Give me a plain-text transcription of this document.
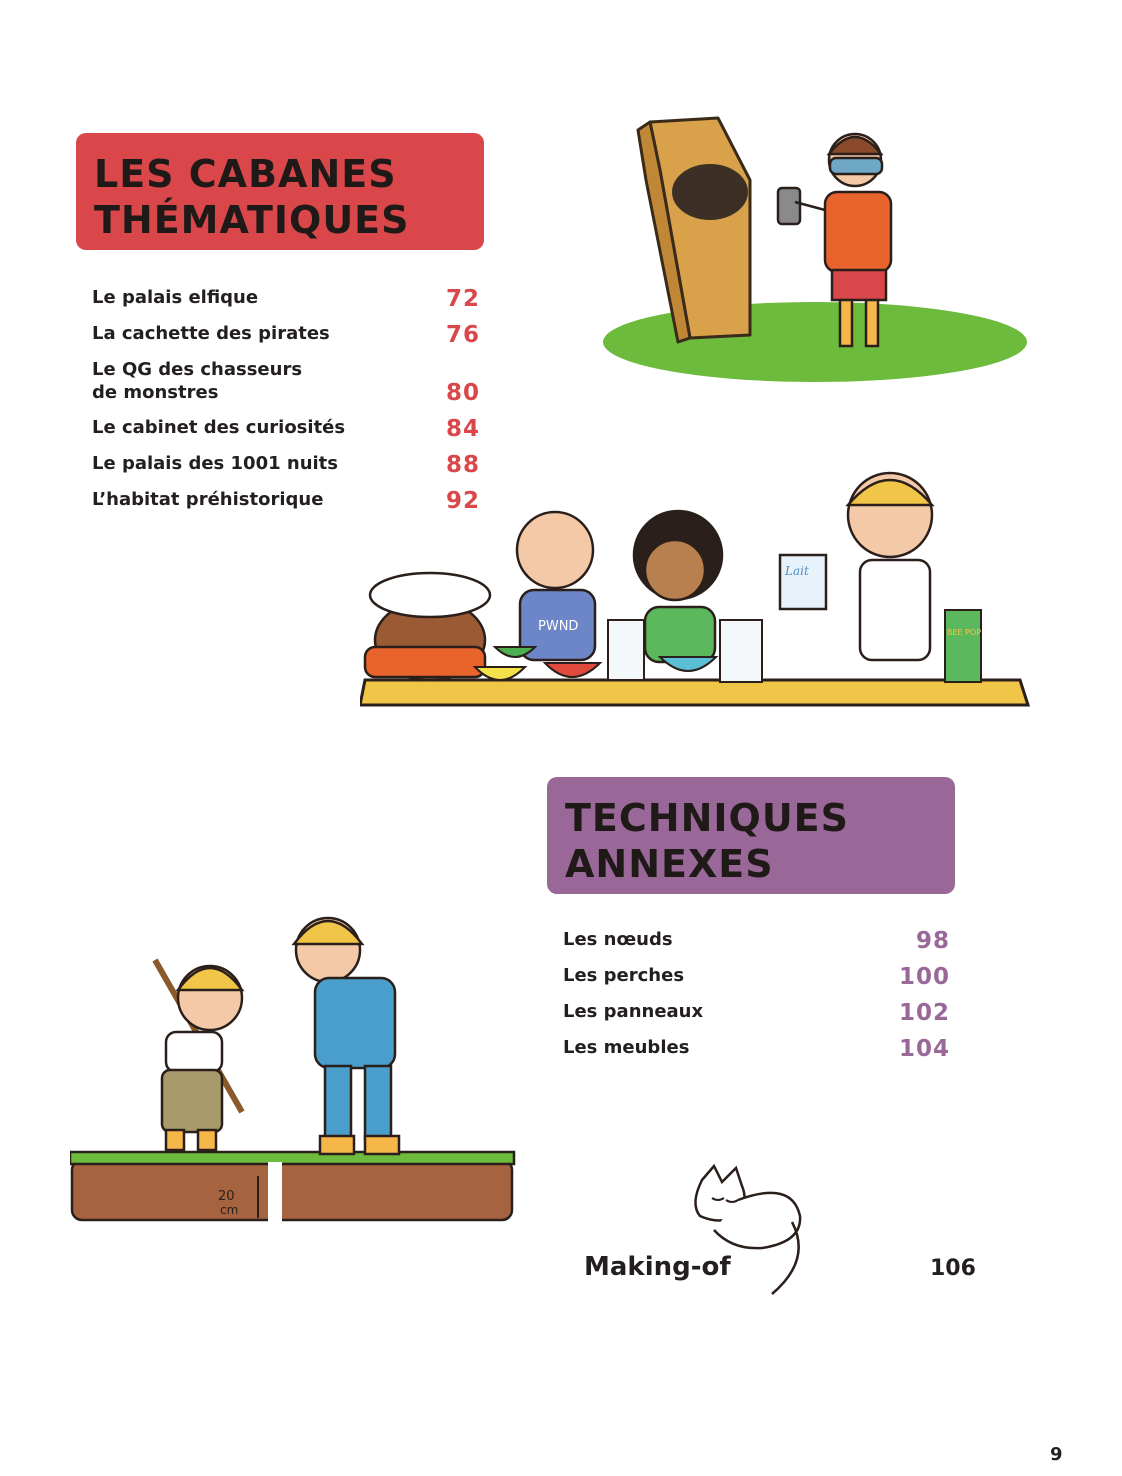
LES CABANES
THÉMATIQUES
Le palais elfique	72
La cachette des pirates	76
Le QG des chasseurs
de monstres	80
Le cabinet des curiosités	84
Le palais des 1001 nuits	88
L’habitat préhistorique	92
PWND
Lait
BEE POP
TECHNIQUES
ANNEXES
Les nœuds	98
Les perches	100
Les panneaux	102
Les meubles	104
20
cm
Making-of	106
9
